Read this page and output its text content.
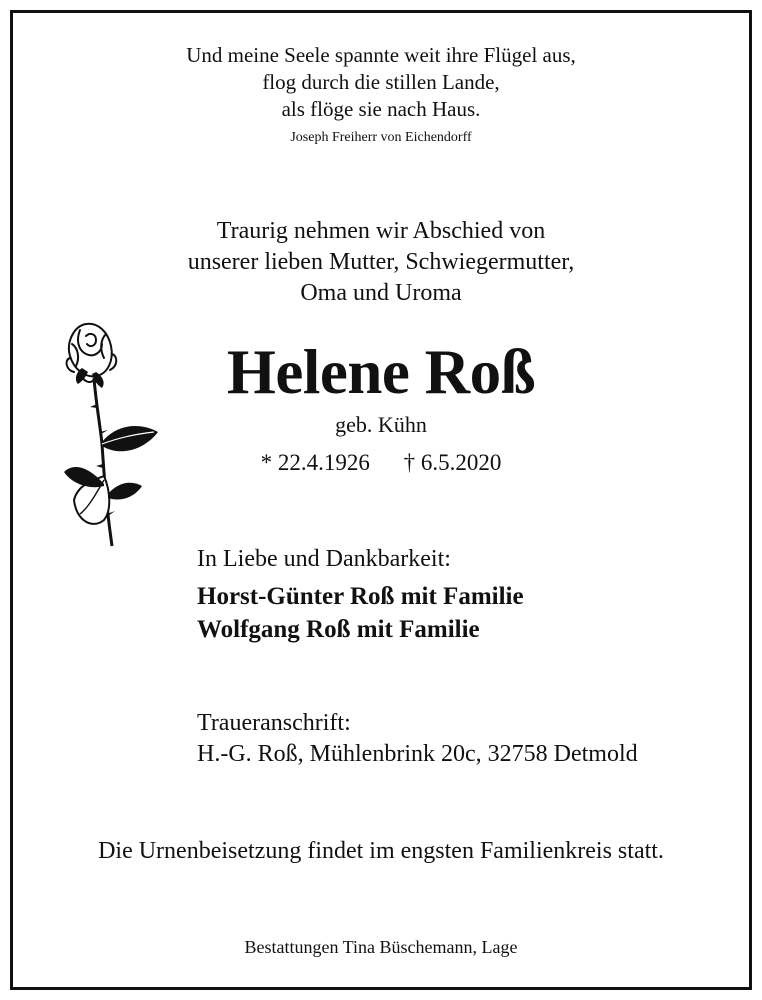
Und meine Seele spannte weit ihre Flügel aus,
flog durch die stillen Lande,
als flöge sie nach Haus.
Joseph Freiherr von Eichendorff
Traurig nehmen wir Abschied von
unserer lieben Mutter, Schwiegermutter,
Oma und Uroma
Helene Roß
geb. Kühn
* 22.4.1926 † 6.5.2020
In Liebe und Dankbarkeit:
Horst-Günter Roß mit Familie
Wolfgang Roß mit Familie
Traueranschrift:
H.-G. Roß, Mühlenbrink 20c, 32758 Detmold
Die Urnenbeisetzung findet im engsten Familienkreis statt.
Bestattungen Tina Büschemann, Lage
